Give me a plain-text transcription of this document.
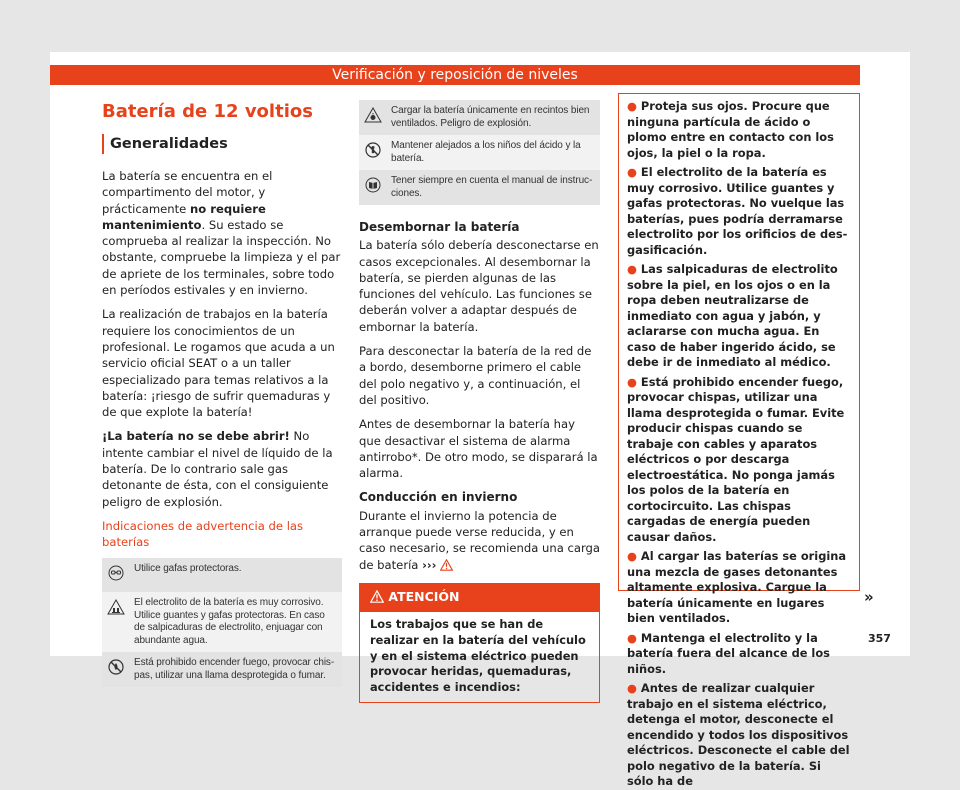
Verificación y reposición de niveles
Batería de 12 voltios
Generalidades

La batería se encuentra en el compartimento del motor, y prácticamente no requiere mantenimiento. Su estado se comprueba al realizar la inspección. No obstante, compruebe la limpieza y el par de apriete de los terminales, sobre todo en períodos estivales y en invierno.

La realización de trabajos en la batería requiere los conocimientos de un profesional. Le rogamos que acuda a un servicio oficial SEAT o a un taller especializado para temas relativos a la batería: ¡riesgo de sufrir quemaduras y de que explote la batería!

¡La batería no se debe abrir! No intente cambiar el nivel de líquido de la batería. De lo contrario sale gas detonante de ésta, con el consiguiente peligro de explosión.

Indicaciones de advertencia de las baterías
	Utilice gafas protectoras.
	El electrolito de la batería es muy corrosivo. Utilice guantes y gafas protectoras. En caso de salpicaduras de electrolito, enjuagar con abundante agua.
	Está prohibido encender fuego, provocar chispas, utilizar una llama desprotegida o fumar.
	Cargar la batería únicamente en recintos bien ventilados. Peligro de explosión.
	Mantener alejados a los niños del ácido y la batería.
	Tener siempre en cuenta el manual de instrucciones.
Desembornar la batería

La batería sólo debería desconectarse en casos excepcionales. Al desembornar la batería, se pierden algunas de las funciones del vehículo. Las funciones se deberán volver a adaptar después de embornar la batería.

Para desconectar la batería de la red de a bordo, desemborne primero el cable del polo negativo y, a continuación, el del positivo.

Antes de desembornar la batería hay que desactivar el sistema de alarma antirrobo*. De otro modo, se disparará la alarma.

Conducción en invierno

Durante el invierno la potencia de arranque puede verse reducida, y en caso necesario, se recomienda una carga de batería ›››

ATENCIÓN
Los trabajos que se han de realizar en la batería del vehículo y en el sistema eléctrico pueden provocar heridas, quemaduras, accidentes e incendios:

● Proteja sus ojos. Procure que ninguna partícula de ácido o plomo entre en contacto con los ojos, la piel o la ropa.

● El electrolito de la batería es muy corrosivo. Utilice guantes y gafas protectoras. No vuelque las baterías, pues podría derramarse electrolito por los orificios de desgasificación.

● Las salpicaduras de electrolito sobre la piel, en los ojos o en la ropa deben neutralizarse de inmediato con agua y jabón, y aclararse con mucha agua. En caso de haber ingerido ácido, se debe ir de inmediato al médico.

● Está prohibido encender fuego, provocar chispas, utilizar una llama desprotegida o fumar. Evite producir chispas cuando se trabaje con cables y aparatos eléctricos o por descarga electroestática. No ponga jamás los polos de la batería en cortocircuito. Las chispas cargadas de energía pueden causar daños.

● Al cargar las baterías se origina una mezcla de gases detonantes altamente explosiva. Cargue la batería únicamente en lugares bien ventilados.

● Mantenga el electrolito y la batería fuera del alcance de los niños.

● Antes de realizar cualquier trabajo en el sistema eléctrico, detenga el motor, desconecte el encendido y todos los dispositivos eléctricos. Desconecte el cable del polo negativo de la batería. Si sólo ha de

»
357
